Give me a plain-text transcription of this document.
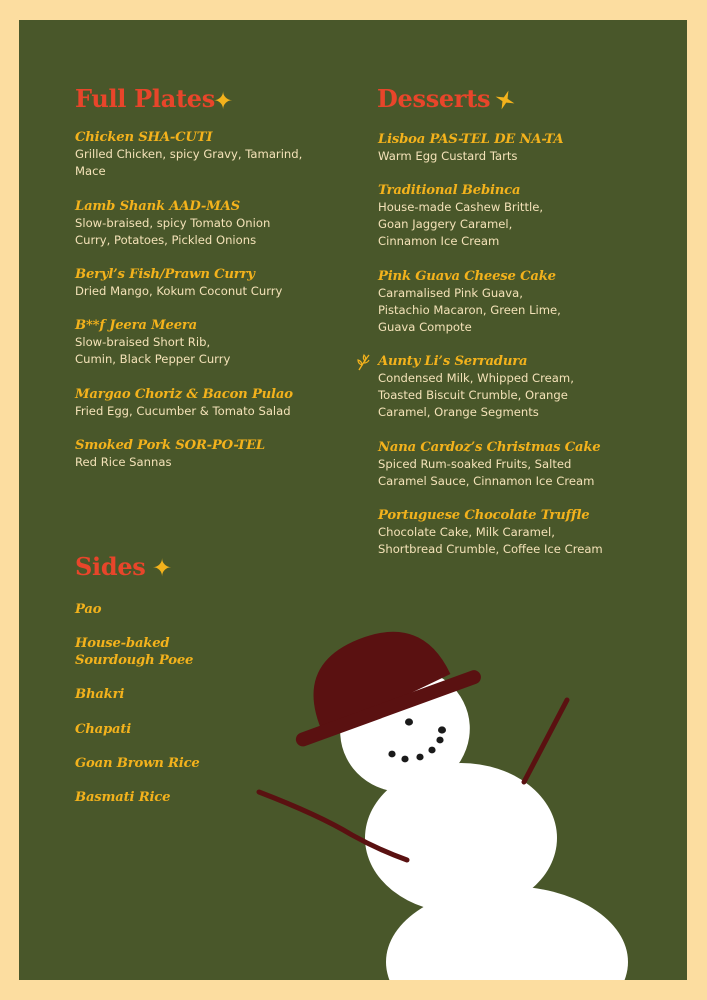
Full Plates
✦
Chicken SHA-CUTI
Grilled Chicken, spicy Gravy, Tamarind,
Mace
Lamb Shank AAD-MAS
Slow-braised, spicy Tomato Onion
Curry, Potatoes, Pickled Onions
Beryl’s Fish/Prawn Curry
Dried Mango, Kokum Coconut Curry
B**f Jeera Meera
Slow-braised Short Rib,
Cumin, Black Pepper Curry
Margao Choriz & Bacon Pulao
Fried Egg, Cucumber & Tomato Salad
Smoked Pork SOR-PO-TEL
Red Rice Sannas
Desserts
Lisboa PAS-TEL DE NA-TA
Warm Egg Custard Tarts
Traditional Bebinca
House-made Cashew Brittle,
Goan Jaggery Caramel,
Cinnamon Ice Cream
Pink Guava Cheese Cake
Caramalised Pink Guava,
Pistachio Macaron, Green Lime,
Guava Compote
Aunty Li’s Serradura
Condensed Milk, Whipped Cream,
Toasted Biscuit Crumble, Orange
Caramel, Orange Segments
Nana Cardoz’s Christmas Cake
Spiced Rum-soaked Fruits, Salted
Caramel Sauce, Cinnamon Ice Cream
Portuguese Chocolate Truffle
Chocolate Cake, Milk Caramel,
Shortbread Crumble, Coffee Ice Cream
Sides ✦
Pao
House-baked
Sourdough Poee
Bhakri
Chapati
Goan Brown Rice
Basmati Rice
